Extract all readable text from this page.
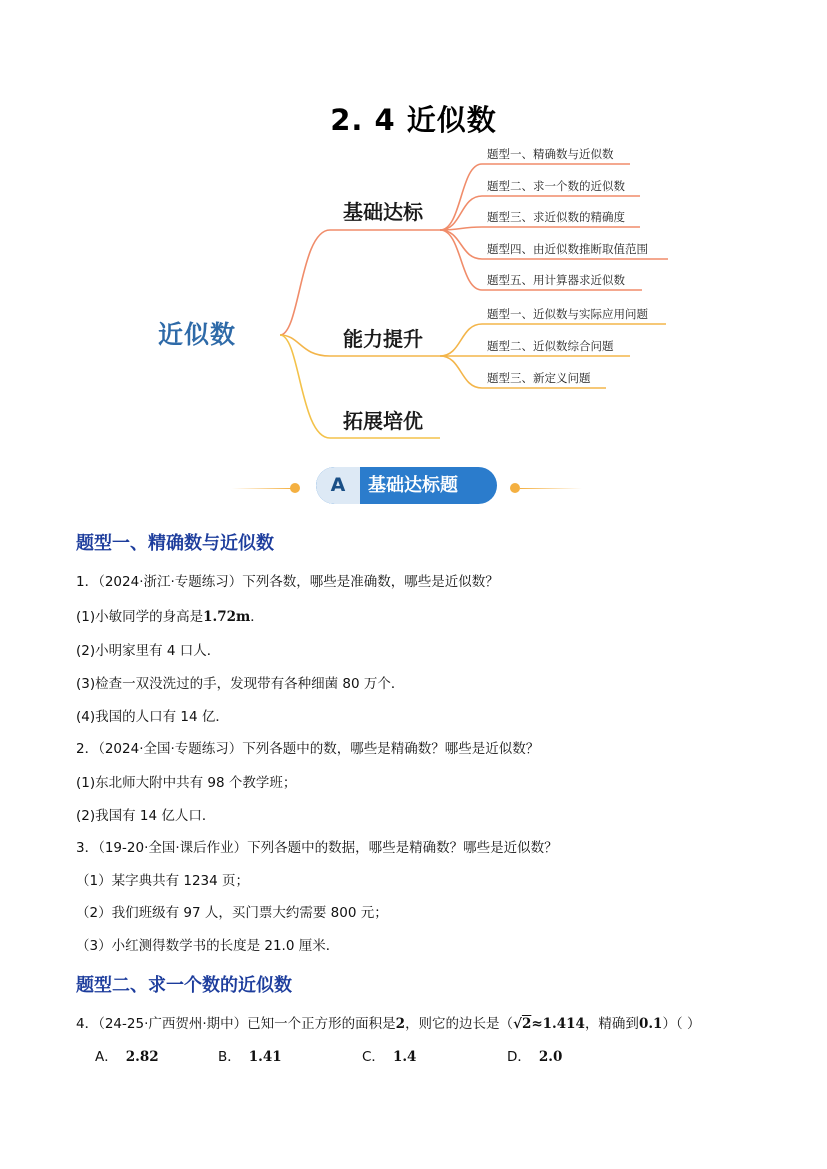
2. 4 近似数
近似数
基础达标
能力提升
拓展培优
题型一、精确数与近似数
题型二、求一个数的近似数
题型三、求近似数的精确度
题型四、由近似数推断取值范围
题型五、用计算器求近似数
题型一、近似数与实际应用问题
题型二、近似数综合问题
题型三、新定义问题
A	基础达标题
题型一、精确数与近似数
1．（2024·浙江·专题练习）下列各数，哪些是准确数，哪些是近似数？
(1)小敏同学的身高是1.72m．
(2)小明家里有 4 口人．
(3)检查一双没洗过的手，发现带有各种细菌 80 万个．
(4)我国的人口有 14 亿．
2．（2024·全国·专题练习）下列各题中的数，哪些是精确数？哪些是近似数？
(1)东北师大附中共有 98 个教学班；
(2)我国有 14 亿人口．
3．（19-20·全国·课后作业）下列各题中的数据，哪些是精确数？哪些是近似数？
（1）某字典共有 1234 页；
（2）我们班级有 97 人，买门票大约需要 800 元；
（3）小红测得数学书的长度是 21.0 厘米．
题型二、求一个数的近似数
4．（24-25·广西贺州·期中）已知一个正方形的面积是2，则它的边长是（√2≈1.414，精确到0.1）（ ）
A． 2.82	B． 1.41	C． 1.4	D． 2.0
